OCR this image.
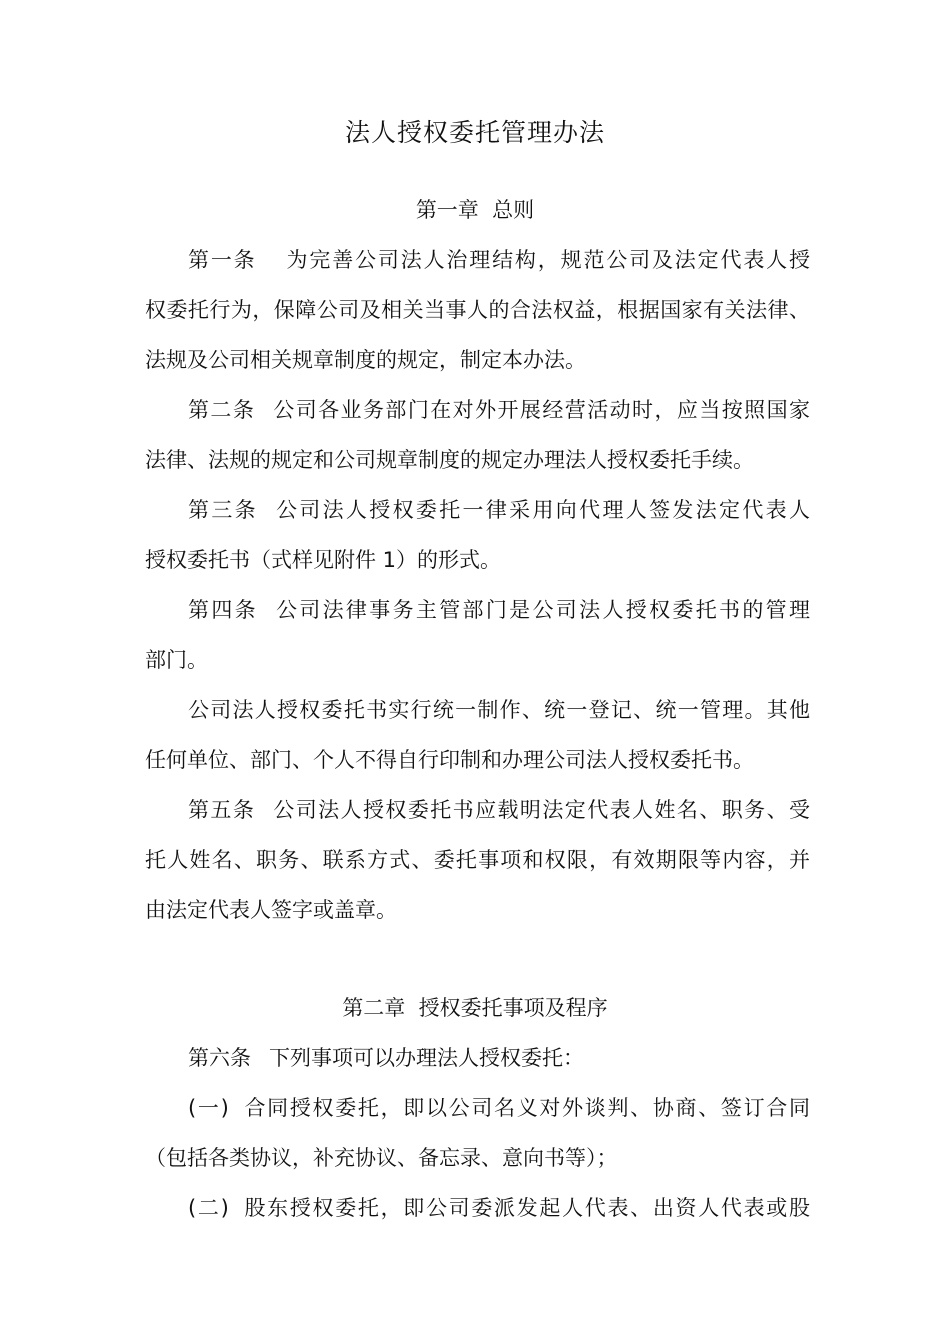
法人授权委托管理办法
第一章  总则
第一条 为完善公司法人治理结构，规范公司及法定代表人授
权委托行为，保障公司及相关当事人的合法权益，根据国家有关法律、
法规及公司相关规章制度的规定，制定本办法。
第二条 公司各业务部门在对外开展经营活动时，应当按照国家
法律、法规的规定和公司规章制度的规定办理法人授权委托手续。
第三条 公司法人授权委托一律采用向代理人签发法定代表人
授权委托书（式样见附件 1）的形式。
第四条 公司法律事务主管部门是公司法人授权委托书的管理
部门。
公司法人授权委托书实行统一制作、统一登记、统一管理。其他
任何单位、部门、个人不得自行印制和办理公司法人授权委托书。
第五条 公司法人授权委托书应载明法定代表人姓名、职务、受
托人姓名、职务、联系方式、委托事项和权限，有效期限等内容，并
由法定代表人签字或盖章。
第二章  授权委托事项及程序
第六条 下列事项可以办理法人授权委托：
(一) 合同授权委托，即以公司名义对外谈判、协商、签订合同
（包括各类协议，补充协议、备忘录、意向书等）；
(二) 股东授权委托，即公司委派发起人代表、出资人代表或股
